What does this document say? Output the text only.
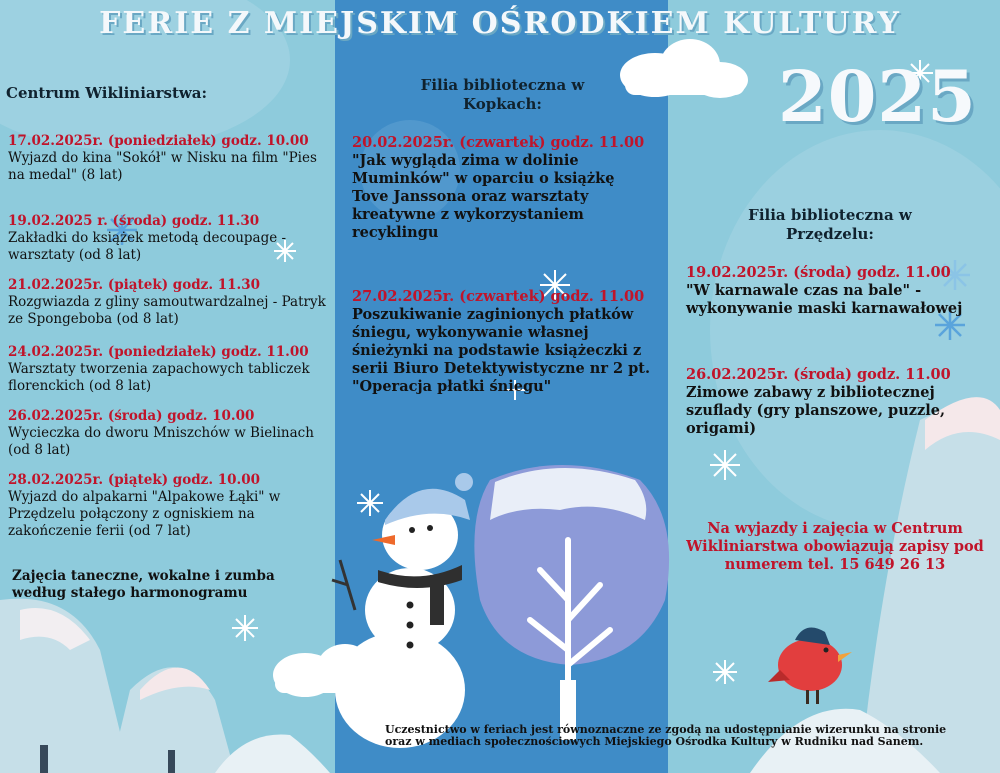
FERIE Z MIEJSKIM OŚRODKIEM KULTURY
2025
Centrum Wikliniarstwa:
17.02.2025r. (poniedziałek) godz. 10.00
Wyjazd do kina "Sokół" w Nisku na film "Pies na medal" (8 lat)
19.02.2025 r. (środa) godz. 11.30
Zakładki do książek metodą decoupage - warsztaty (od 8 lat)
21.02.2025r. (piątek) godz. 11.30
Rozgwiazda z gliny samoutwardzalnej - Patryk ze Spongeboba (od 8 lat)
24.02.2025r. (poniedziałek) godz. 11.00
Warsztaty tworzenia zapachowych tabliczek florenckich (od 8 lat)
26.02.2025r. (środa) godz. 10.00
Wycieczka do dworu Mniszchów w Bielinach (od 8 lat)
28.02.2025r. (piątek) godz. 10.00
Wyjazd do alpakarni "Alpakowe Łąki" w Przędzelu połączony z ogniskiem na zakończenie ferii (od 7 lat)
Zajęcia taneczne, wokalne i zumba według stałego harmonogramu
Filia biblioteczna w Kopkach:
20.02.2025r. (czwartek) godz. 11.00
"Jak wygląda zima w dolinie Muminków" w oparciu o książkę Tove Janssona oraz warsztaty kreatywne z wykorzystaniem recyklingu
27.02.2025r. (czwartek) godz. 11.00
Poszukiwanie zaginionych płatków śniegu, wykonywanie własnej śnieżynki na podstawie książeczki z serii Biuro Detektywistyczne nr 2 pt. "Operacja płatki śniegu"
Filia biblioteczna w Przędzelu:
19.02.2025r. (środa) godz. 11.00
"W karnawale czas na bale" - wykonywanie maski karnawałowej
26.02.2025r. (środa) godz. 11.00
Zimowe zabawy z bibliotecznej szuflady (gry planszowe, puzzle, origami)
Na wyjazdy i zajęcia w Centrum Wikliniarstwa obowiązują zapisy pod numerem tel. 15 649 26 13
Uczestnictwo w feriach jest równoznaczne ze zgodą na udostępnianie wizerunku na stronie oraz w mediach społecznościowych Miejskiego Ośrodka Kultury w Rudniku nad Sanem.
